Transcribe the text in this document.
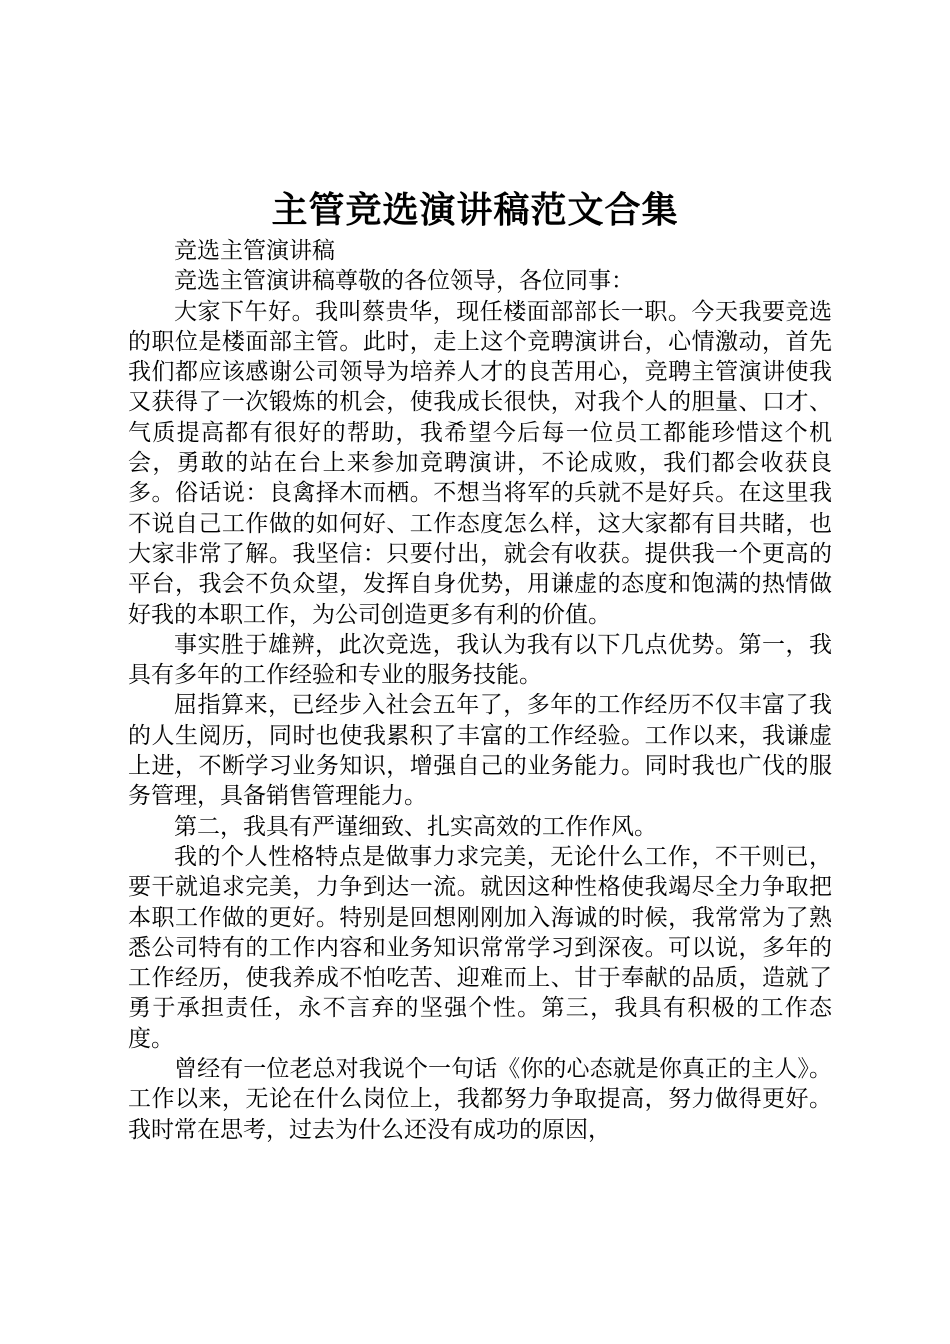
主管竞选演讲稿范文合集

竞选主管演讲稿

竞选主管演讲稿尊敬的各位领导，各位同事：

大家下午好。我叫蔡贵华，现任楼面部部长一职。今天我要竞选的职位是楼面部主管。此时，走上这个竞聘演讲台，心情激动，首先我们都应该感谢公司领导为培养人才的良苦用心，竞聘主管演讲使我又获得了一次锻炼的机会，使我成长很快，对我个人的胆量、口才、气质提高都有很好的帮助，我希望今后每一位员工都能珍惜这个机会，勇敢的站在台上来参加竞聘演讲，不论成败，我们都会收获良多。俗话说：良禽择木而栖。不想当将军的兵就不是好兵。在这里我不说自己工作做的如何好、工作态度怎么样，这大家都有目共睹，也大家非常了解。我坚信：只要付出，就会有收获。提供我一个更高的平台，我会不负众望，发挥自身优势，用谦虚的态度和饱满的热情做好我的本职工作，为公司创造更多有利的价值。

事实胜于雄辨，此次竞选，我认为我有以下几点优势。第一，我具有多年的工作经验和专业的服务技能。

屈指算来，已经步入社会五年了，多年的工作经历不仅丰富了我的人生阅历，同时也使我累积了丰富的工作经验。工作以来，我谦虚上进，不断学习业务知识，增强自己的业务能力。同时我也广伐的服务管理，具备销售管理能力。

第二，我具有严谨细致、扎实高效的工作作风。

我的个人性格特点是做事力求完美，无论什么工作，不干则已，要干就追求完美，力争到达一流。就因这种性格使我竭尽全力争取把本职工作做的更好。特别是回想刚刚加入海诚的时候，我常常为了熟悉公司特有的工作内容和业务知识常常学习到深夜。可以说，多年的工作经历，使我养成不怕吃苦、迎难而上、甘于奉献的品质，造就了勇于承担责任，永不言弃的坚强个性。第三，我具有积极的工作态度。

曾经有一位老总对我说个一句话《你的心态就是你真正的主人》。工作以来，无论在什么岗位上，我都努力争取提高，努力做得更好。我时常在思考，过去为什么还没有成功的原因，
